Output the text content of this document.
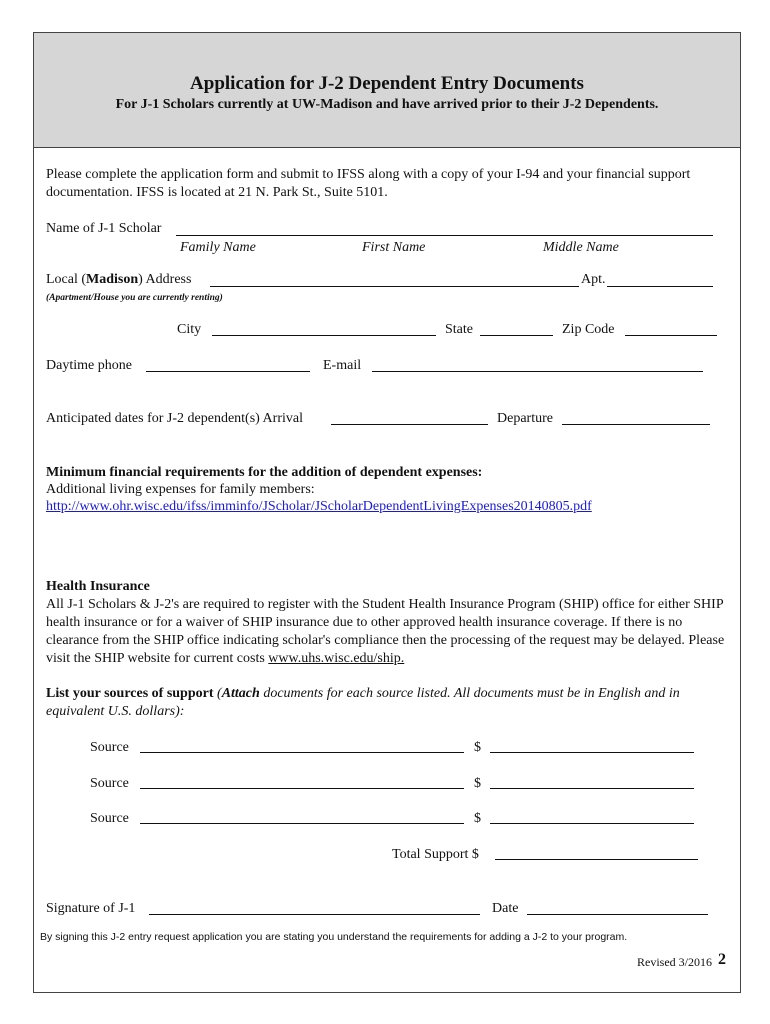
Application for J-2 Dependent Entry Documents
For J-1 Scholars currently at UW-Madison and have arrived prior to their J-2 Dependents.
Please complete the application form and submit to IFSS along with a copy of your I-94 and your financial support documentation. IFSS is located at 21 N. Park St., Suite 5101.
Name of J-1 Scholar
Family Name	First Name	Middle Name
Local (Madison) Address	Apt.
(Apartment/House you are currently renting)
City	State	Zip Code
Daytime phone	E-mail
Anticipated dates for J-2 dependent(s) Arrival	Departure
Minimum financial requirements for the addition of dependent expenses:
Additional living expenses for family members:
http://www.ohr.wisc.edu/ifss/imminfo/JScholar/JScholarDependentLivingExpenses20140805.pdf
Health Insurance
All J-1 Scholars & J-2's are required to register with the Student Health Insurance Program (SHIP) office for either SHIP health insurance or for a waiver of SHIP insurance due to other approved health insurance coverage. If there is no clearance from the SHIP office indicating scholar's compliance then the processing of the request may be delayed. Please visit the SHIP website for current costs www.uhs.wisc.edu/ship.
List your sources of support (Attach documents for each source listed. All documents must be in English and in equivalent U.S. dollars):
Source	$
Source	$
Source	$
Total Support $
Signature of J-1	Date
By signing this J-2 entry request application you are stating you understand the requirements for adding a J-2 to your program.
Revised 3/2016 2
